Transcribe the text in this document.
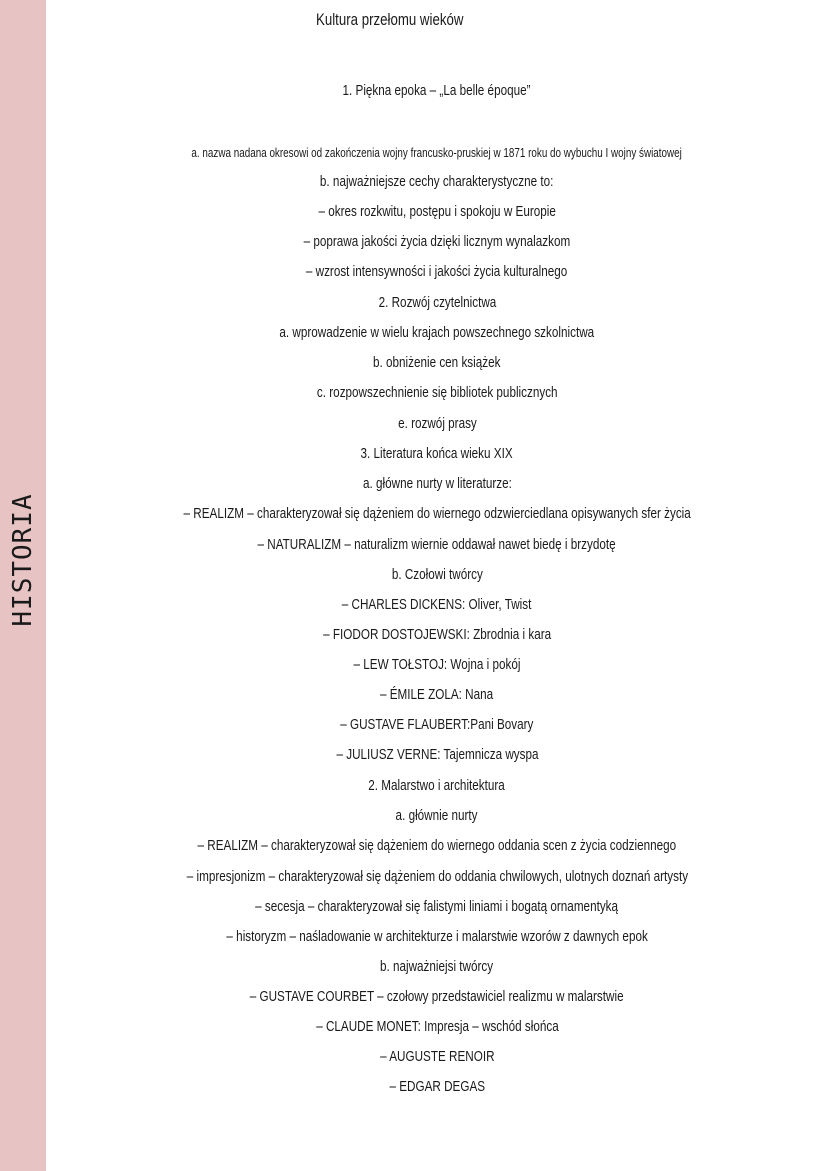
HISTORIA
Kultura przełomu wieków
1. Piękna epoka – „La belle époque”
a. nazwa nadana okresowi od zakończenia wojny francusko-pruskiej w 1871 roku do wybuchu I wojny światowej
b. najważniejsze cechy charakterystyczne to:
– okres rozkwitu, postępu i spokoju w Europie
– poprawa jakości życia dzięki licznym wynalazkom
– wzrost intensywności i jakości życia kulturalnego
2. Rozwój czytelnictwa
a. wprowadzenie w wielu krajach powszechnego szkolnictwa
b. obniżenie cen książek
c. rozpowszechnienie się bibliotek publicznych
e. rozwój prasy
3. Literatura końca wieku XIX
a. główne nurty w literaturze:
– REALIZM – charakteryzował się dążeniem do wiernego odzwierciedlana opisywanych sfer życia
– NATURALIZM – naturalizm wiernie oddawał nawet biedę i brzydotę
b. Czołowi twórcy
– CHARLES DICKENS: Oliver, Twist
– FIODOR DOSTOJEWSKI: Zbrodnia i kara
– LEW TOŁSTOJ: Wojna i pokój
– ÉMILE ZOLA: Nana
– GUSTAVE FLAUBERT:Pani Bovary
– JULIUSZ VERNE: Tajemnicza wyspa
2. Malarstwo i architektura
a. głównie nurty
– REALIZM – charakteryzował się dążeniem do wiernego oddania scen z życia codziennego
– impresjonizm – charakteryzował się dążeniem do oddania chwilowych, ulotnych doznań artysty
– secesja – charakteryzował się falistymi liniami i bogatą ornamentyką
– historyzm – naśladowanie w architekturze i malarstwie wzorów z dawnych epok
b. najważniejsi twórcy
– GUSTAVE COURBET – czołowy przedstawiciel realizmu w malarstwie
– CLAUDE MONET: Impresja – wschód słońca
– AUGUSTE RENOIR
– EDGAR DEGAS
